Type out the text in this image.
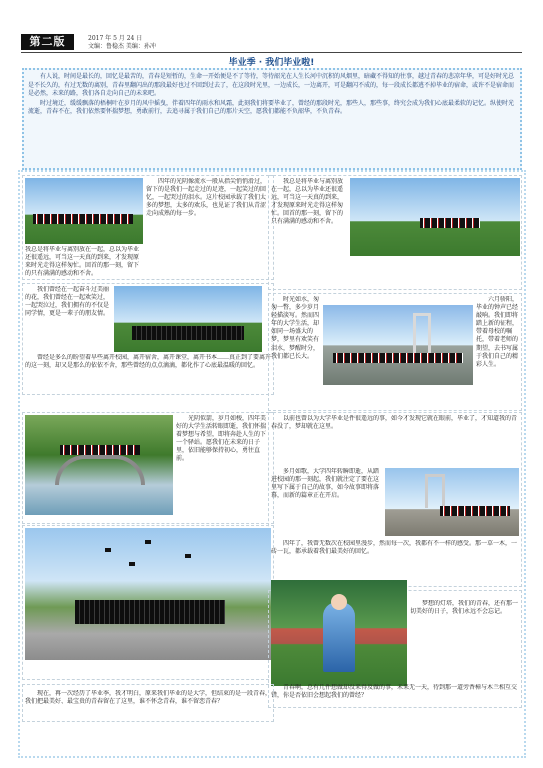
第二版	2017 年 5 月 24 日
文编：鲁稳杰 美编：孙冲
毕业季 · 我们毕业啦!

有人说，时间是最长的，回忆是最苦的，青春是短暂的，生命一开始便是不了等待，等待韶光在人生长河中沉积的风烟里，暗藏不得知的往事，越过青春的悲凉年华，可是好时光总是不长久的，有过无数的离别，青春里翻闪出的那段最好也过不回到过去了，在这段时光里，一边成长，一边离开，可是翻闪不成的，每一段成长都逃不掉毕业的宿命，或许不是宿命而是必然，未来的路，我们各自走向自己的未来吧。

时过境迁，缓缓飘落的梧桐叶在岁月的风中摇曳，伴着四年的雨水和风霜，此刻我们将要毕业了，曾经的那段时光，那些人，那些事，终究会成为我们心底最柔软的记忆。纵使时光流逝，青春不在，我们依然要怀揣梦想，勇敢前行，去追寻属于我们自己的那片天空，愿我们都能不负韶华，不负青春。

四年的光阴像流水一般从指尖悄悄滑过，留下的是我们一起走过的足迹，一起笑过的回忆，一起哭过的泪水。这片校园承载了我们太多的梦想，太多的欢乐，也见证了我们从青涩走向成熟的每一步。
我总是将毕业与离别放在一起，总以为毕业还很遥远，可当这一天真的到来，才发现原来时光走得这样匆忙。回首的那一刻，留下的只有满满的感动和不舍。
我总是将毕业与离别放在一起，总以为毕业还很遥远，可当这一天真的到来，才发现原来时光走得这样匆忙。回首的那一刻，留下的只有满满的感动和不舍。
我们曾经在一起奋斗过美丽的花，我们曾经在一起欢笑过，一起哭泣过，我们拥有的不仅是同学情，更是一辈子的朋友情。
曾经是多么的盼望着早些离开校园，离开宿舍，离开课堂，离开书本……真正到了要离开的这一刻，却又是那么的依依不舍，那些曾经的点点滴滴，都化作了心底最温暖的回忆。
时光如水，匆匆一瞥，多少岁月轻描淡写。然而四年的大学生活，却如同一场盛大的梦，梦里有欢笑有泪水，梦醒时分，我们都已长大。
六月骄阳，毕业的钟声已经敲响。我们即将踏上新的征程，带着母校的嘱托，带着老师的期望，去书写属于我们自己的精彩人生。
光阴似箭，岁月如梭，四年美好的大学生活转眼即逝，我们怀揣着梦想与希望，即将奔赴人生的下一个驿站。愿我们在未来的日子里，依旧能够保持初心，勇往直前。
以前也曾以为大学毕业是件很遥远的事，如今才发现它就在眼前，毕业了，才知道我的青春没了，梦却就在这里。
多月如歌，大学四年转瞬即逝，从踏进校园的那一刻起，我们就注定了要在这里写下属于自己的故事，如今故事即将落幕，而新的篇章正在开启。
四年了，我曾无数次在校园里漫步，然而每一次，我都有不一样的感受。那一草一木，一砖一瓦，都承载着我们最美好的回忆。
梦想的灯塔，我们的青春，还有那一切美好的日子，我们永远不会忘记。
青春啊，总有几件想做却没来得及做的事，未来无一天，待到那一道旁香樟与木兰相互交错，你是否依旧会想起我们的曾经？
现在，再一次经历了毕业季，我才明白，原来我们毕业的是大学，但结束的是一段青春，我们把最美好、最宝贵的青春留在了这里，谁不怀念青春，谁不留恋青春？
